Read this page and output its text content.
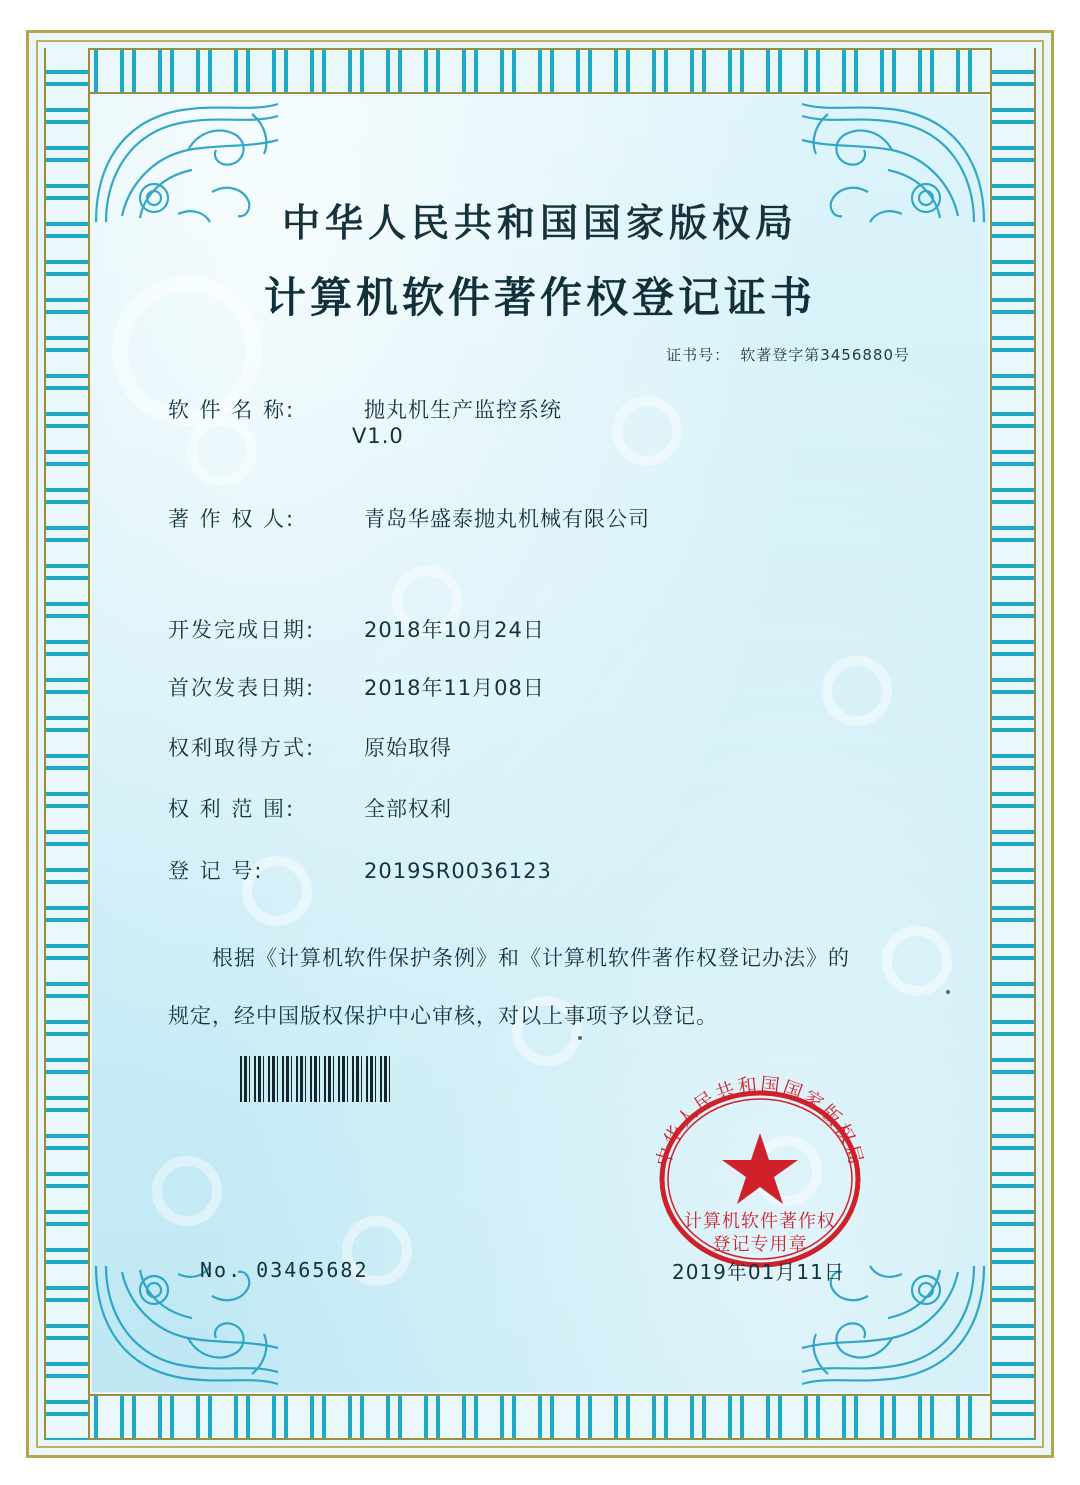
中华人民共和国国家版权局
计算机软件著作权登记证书
证书号： 软著登字第3456880号
软 件 名 称:	抛丸机生产监控系统
V1.0
著 作 权 人:	青岛华盛泰抛丸机械有限公司
开发完成日期: 2018年10月24日
首次发表日期: 2018年11月08日
权利取得方式: 原始取得
权 利 范 围:	全部权利
登 记 号:	2019SR0036123
根据《计算机软件保护条例》和《计算机软件著作权登记办法》的
规定，经中国版权保护中心审核，对以上事项予以登记。
中华人民共和国国家版权局
计算机软件著作权
登记专用章
No. 03465682	2019年01月11日
